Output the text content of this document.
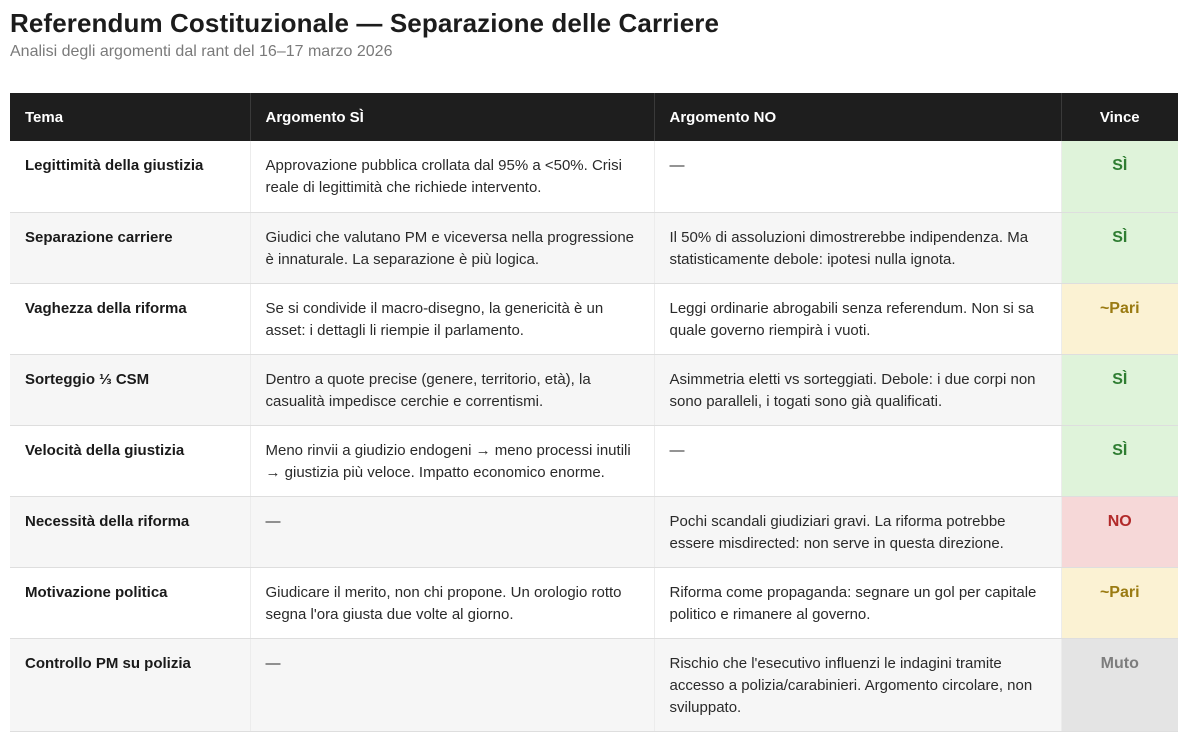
Referendum Costituzionale — Separazione delle Carriere

Analisi degli argomenti dal rant del 16–17 marzo 2026

Tema	Argomento SÌ	Argomento NO	Vince
Legittimità della giustizia	Approvazione pubblica crollata dal 95% a <50%. Crisi reale di legittimità che richiede intervento.	—	SÌ
Separazione carriere	Giudici che valutano PM e viceversa nella progressione è innaturale. La separazione è più logica.	Il 50% di assoluzioni dimostrerebbe indipendenza. Ma statisticamente debole: ipotesi nulla ignota.	SÌ
Vaghezza della riforma	Se si condivide il macro-disegno, la genericità è un asset: i dettagli li riempie il parlamento.	Leggi ordinarie abrogabili senza referendum. Non si sa quale governo riempirà i vuoti.	~Pari
Sorteggio ⅓ CSM	Dentro a quote precise (genere, territorio, età), la casualità impedisce cerchie e correntismi.	Asimmetria eletti vs sorteggiati. Debole: i due corpi non sono paralleli, i togati sono già qualificati.	SÌ
Velocità della giustizia	Meno rinvii a giudizio endogeni → meno processi inutili → giustizia più veloce. Impatto economico enorme.	—	SÌ
Necessità della riforma	—	Pochi scandali giudiziari gravi. La riforma potrebbe essere misdirected: non serve in questa direzione.	NO
Motivazione politica	Giudicare il merito, non chi propone. Un orologio rotto segna l'ora giusta due volte al giorno.	Riforma come propaganda: segnare un gol per capitale politico e rimanere al governo.	~Pari
Controllo PM su polizia	—	Rischio che l'esecutivo influenzi le indagini tramite accesso a polizia/carabinieri. Argomento circolare, non sviluppato.	Muto
